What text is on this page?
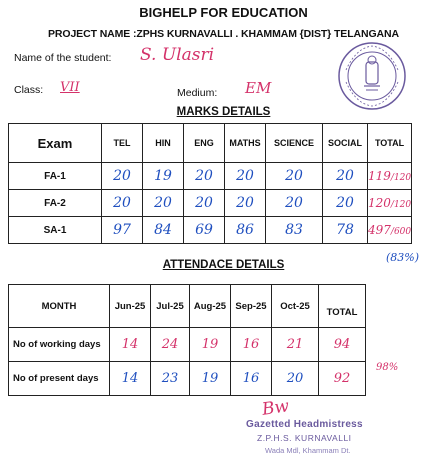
BIGHELP FOR EDUCATION
PROJECT NAME :ZPHS KURNAVALLI . KHAMMAM {DIST} TELANGANA
Name of the student: S. Ulasri
Class: VII	Medium: EM
MARKS DETAILS
Exam	TEL	HIN	ENG	MATHS	SCIENCE	SOCIAL	TOTAL
FA-1	20	19	20	20	20	20	119/120
FA-2	20	20	20	20	20	20	120/120
SA-1	97	84	69	86	83	78	497/600
(83%)
ATTENDACE DETAILS
MONTH	Jun-25	Jul-25	Aug-25	Sep-25	Oct-25	TOTAL
No of working days	14	24	19	16	21	94
No of present days	14	23	19	16	20	92
98%
Bw
Gazetted Headmistress
Z.P.H.S. KURNAVALLI
Wada Mdl, Khammam Dt.
